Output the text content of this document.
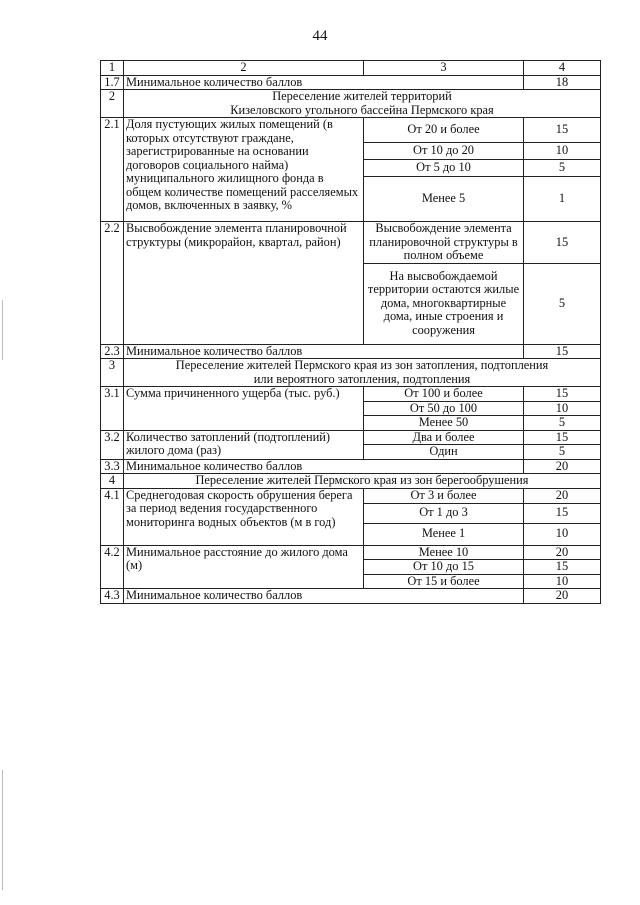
44
1	2	3	4
1.7	Минимальное количество баллов		18
2	Переселение жителей территорий
Кизеловского угольного бассейна Пермского края		

2.1	Доля пустующих жилых помещений (в которых отсутствуют граждане, зарегистрированные на основании договоров социального найма) муниципального жилищного фонда в общем количестве помещений расселяемых домов, включенных в заявку, %	От 20 и более	15
		От 10 до 20	10
		От 5 до 10	5
		Менее 5	1
2.2	Высвобождение элемента планировочной структуры (микрорайон, квартал, район)	Высвобождение элемента планировочной структуры в полном объеме	15
		На высвобождаемой территории остаются жилые дома, многоквартирные дома, иные строения и сооружения	5
2.3	Минимальное количество баллов		15
3	Переселение жителей Пермского края из зон затопления, подтопления
или вероятного затопления, подтопления		

3.1	Сумма причиненного ущерба (тыс. руб.)	От 100 и более	15
		От 50 до 100	10
		Менее 50	5
3.2	Количество затоплений (подтоплений) жилого дома (раз)	Два и более	15
		Один	5
3.3	Минимальное количество баллов		20
4	Переселение жителей Пермского края из зон берегообрушения		
4.1	Среднегодовая скорость обрушения берега за период ведения государственного мониторинга водных объектов (м в год)	От 3 и более	20
		От 1 до 3	15
		Менее 1	10
4.2	Минимальное расстояние до жилого дома (м)	Менее 10	20
		От 10 до 15	15
		От 15 и более	10
4.3	Минимальное количество баллов		20
